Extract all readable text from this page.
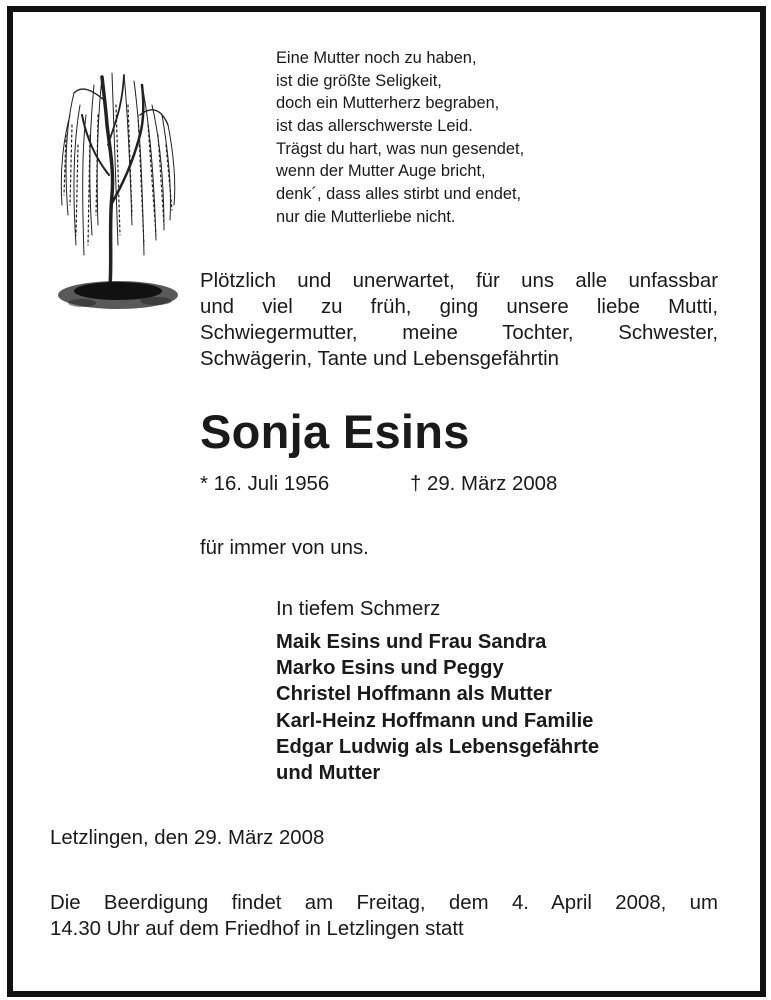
Eine Mutter noch zu haben,
ist die größte Seligkeit,
doch ein Mutterherz begraben,
ist das allerschwerste Leid.
Trägst du hart, was nun gesendet,
wenn der Mutter Auge bricht,
denk´, dass alles stirbt und endet,
nur die Mutterliebe nicht.
Plötzlich und unerwartet, für uns alle unfassbar
und viel zu früh, ging unsere liebe Mutti,
Schwiegermutter, meine Tochter, Schwester,
Schwägerin, Tante und Lebensgefährtin
Sonja Esins
* 16. Juli 1956	† 29. März 2008
für immer von uns.
In tiefem Schmerz
Maik Esins und Frau Sandra
Marko Esins und Peggy
Christel Hoffmann als Mutter
Karl-Heinz Hoffmann und Familie
Edgar Ludwig als Lebensgefährte
und Mutter
Letzlingen, den 29. März 2008
Die Beerdigung findet am Freitag, dem 4. April 2008, um
14.30 Uhr auf dem Friedhof in Letzlingen statt
